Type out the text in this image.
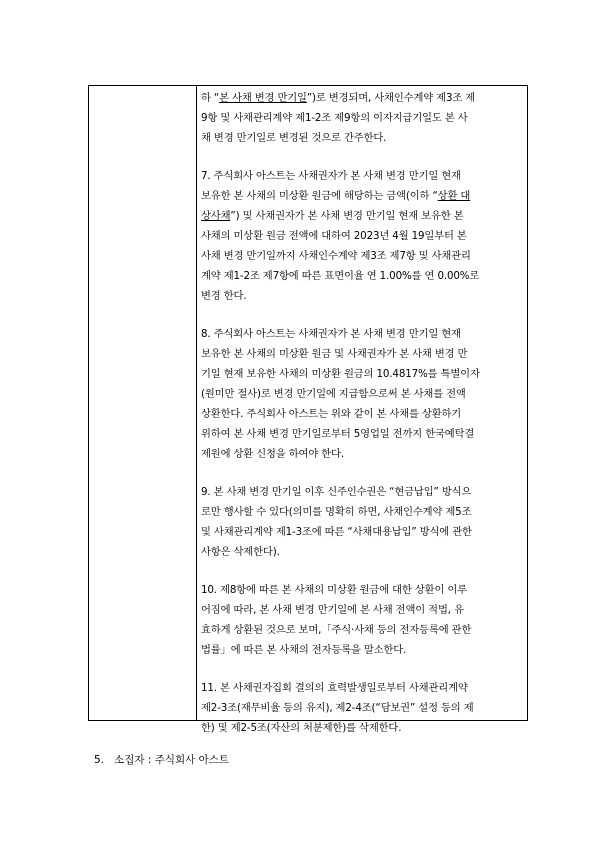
하 “본 사채 변경 만기일”)로 변경되며, 사채인수계약 제3조 제
9항 및 사채관리계약 제1-2조 제9항의 이자지급기일도 본 사
채 변경 만기일로 변경된 것으로 간주한다.
7. 주식회사 아스트는 사채권자가 본 사채 변경 만기일 현재
보유한 본 사채의 미상환 원금에 해당하는 금액(이하 “상환 대
상사채”) 및 사채권자가 본 사채 변경 만기일 현재 보유한 본
사채의 미상환 원금 전액에 대하여 2023년 4월 19일부터 본
사채 변경 만기일까지 사채인수계약 제3조 제7항 및 사채관리
계약 제1-2조 제7항에 따른 표면이율 연 1.00%를 연 0.00%로
변경 한다.
8. 주식회사 아스트는 사채권자가 본 사채 변경 만기일 현재
보유한 본 사채의 미상환 원금 및 사채권자가 본 사채 변경 만
기일 현재 보유한 사채의 미상환 원금의 10.4817%를 특별이자
(원미만 절사)로 변경 만기일에 지급함으로써 본 사채를 전액
상환한다. 주식회사 아스트는 위와 같이 본 사채를 상환하기
위하여 본 사채 변경 만기일로부터 5영업일 전까지 한국예탁결
제원에 상환 신청을 하여야 한다.
9. 본 사채 변경 만기일 이후 신주인수권은 “현금납입” 방식으
로만 행사할 수 있다(의미를 명확히 하면, 사채인수계약 제5조
및 사채관리계약 제1-3조에 따른 “사채대용납입” 방식에 관한
사항은 삭제한다).
10. 제8항에 따른 본 사채의 미상환 원금에 대한 상환이 이루
어짐에 따라, 본 사채 변경 만기일에 본 사채 전액이 적법, 유
효하게 상환된 것으로 보며,「주식·사채 등의 전자등록에 관한
법률」에 따른 본 사채의 전자등록을 말소한다.
11. 본 사채권자집회 결의의 효력발생일로부터 사채관리계약
제2-3조(재무비율 등의 유지), 제2-4조(“담보권” 설정 등의 제
한) 및 제2-5조(자산의 처분제한)를 삭제한다.
5. 소집자 : 주식회사 아스트
